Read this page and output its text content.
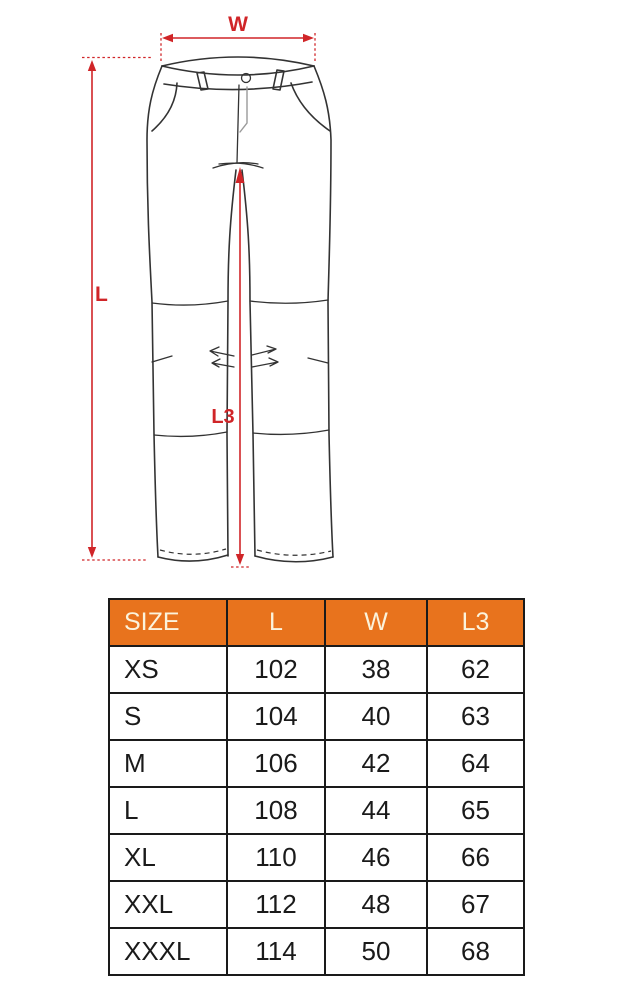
W
L
L3
SIZE	L	W	L3
XS	102	38	62
S	104	40	63
M	106	42	64
L	108	44	65
XL	110	46	66
XXL	112	48	67
XXXL	114	50	68
